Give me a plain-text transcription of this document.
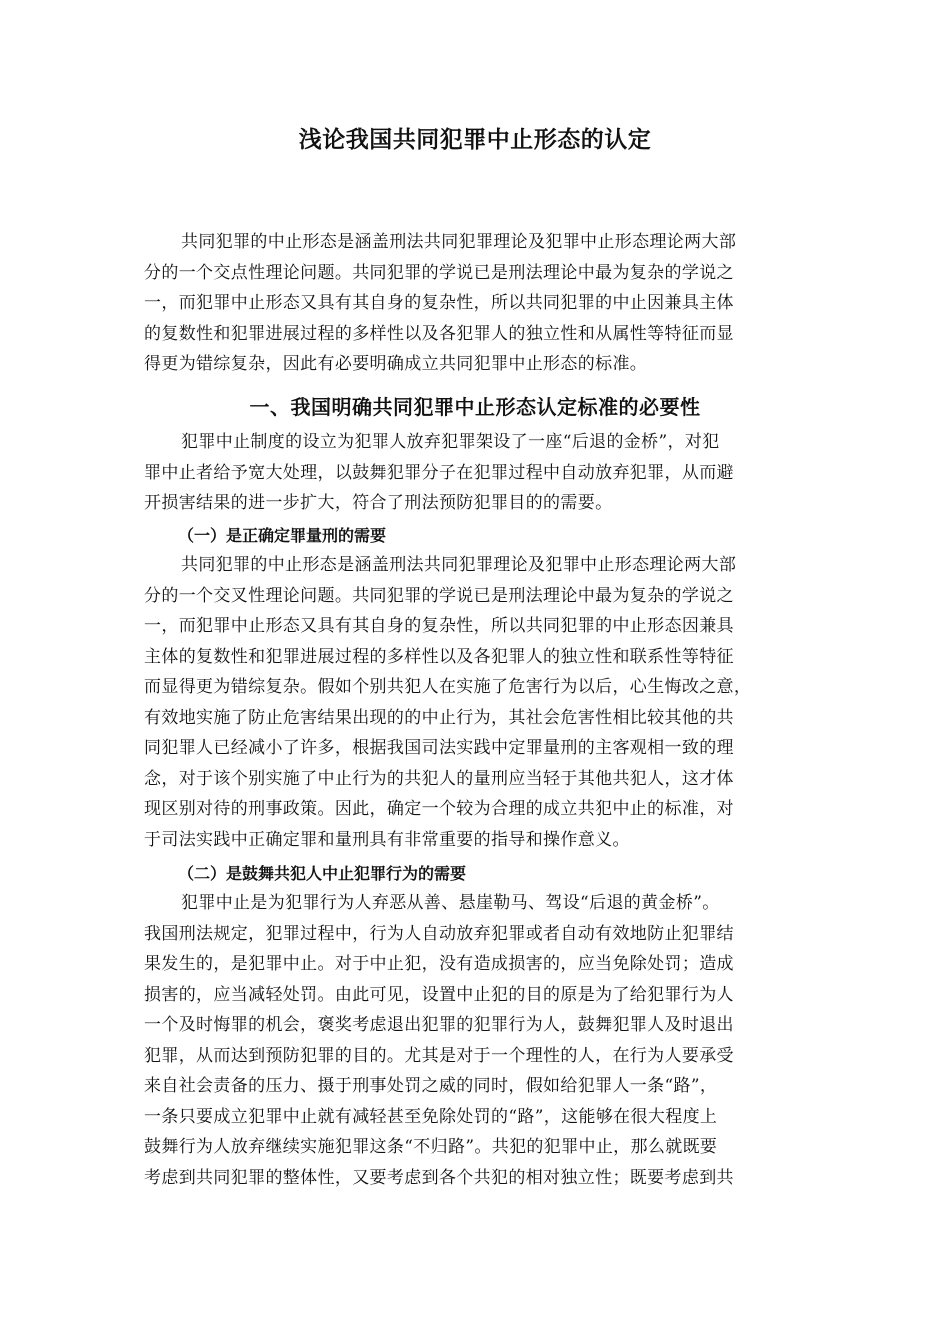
浅论我国共同犯罪中止形态的认定
共同犯罪的中止形态是涵盖刑法共同犯罪理论及犯罪中止形态理论两大部
分的一个交点性理论问题。共同犯罪的学说已是刑法理论中最为复杂的学说之
一，而犯罪中止形态又具有其自身的复杂性，所以共同犯罪的中止因兼具主体
的复数性和犯罪进展过程的多样性以及各犯罪人的独立性和从属性等特征而显
得更为错综复杂，因此有必要明确成立共同犯罪中止形态的标准。
一、我国明确共同犯罪中止形态认定标准的必要性
犯罪中止制度的设立为犯罪人放弃犯罪架设了一座“后退的金桥”，对犯
罪中止者给予宽大处理，以鼓舞犯罪分子在犯罪过程中自动放弃犯罪，从而避
开损害结果的进一步扩大，符合了刑法预防犯罪目的的需要。
（一）是正确定罪量刑的需要
共同犯罪的中止形态是涵盖刑法共同犯罪理论及犯罪中止形态理论两大部
分的一个交叉性理论问题。共同犯罪的学说已是刑法理论中最为复杂的学说之
一，而犯罪中止形态又具有其自身的复杂性，所以共同犯罪的中止形态因兼具
主体的复数性和犯罪进展过程的多样性以及各犯罪人的独立性和联系性等特征
而显得更为错综复杂。假如个别共犯人在实施了危害行为以后，心生悔改之意，
有效地实施了防止危害结果出现的的中止行为，其社会危害性相比较其他的共
同犯罪人已经减小了许多，根据我国司法实践中定罪量刑的主客观相一致的理
念，对于该个别实施了中止行为的共犯人的量刑应当轻于其他共犯人，这才体
现区别对待的刑事政策。因此，确定一个较为合理的成立共犯中止的标准，对
于司法实践中正确定罪和量刑具有非常重要的指导和操作意义。
（二）是鼓舞共犯人中止犯罪行为的需要
犯罪中止是为犯罪行为人弃恶从善、悬崖勒马、驾设“后退的黄金桥”。
我国刑法规定，犯罪过程中，行为人自动放弃犯罪或者自动有效地防止犯罪结
果发生的，是犯罪中止。对于中止犯，没有造成损害的，应当免除处罚；造成
损害的，应当减轻处罚。由此可见，设置中止犯的目的原是为了给犯罪行为人
一个及时悔罪的机会，褒奖考虑退出犯罪的犯罪行为人，鼓舞犯罪人及时退出
犯罪，从而达到预防犯罪的目的。尤其是对于一个理性的人，在行为人要承受
来自社会责备的压力、摄于刑事处罚之威的同时，假如给犯罪人一条“路”，
一条只要成立犯罪中止就有减轻甚至免除处罚的“路”，这能够在很大程度上
鼓舞行为人放弃继续实施犯罪这条“不归路”。共犯的犯罪中止，那么就既要
考虑到共同犯罪的整体性，又要考虑到各个共犯的相对独立性；既要考虑到共
